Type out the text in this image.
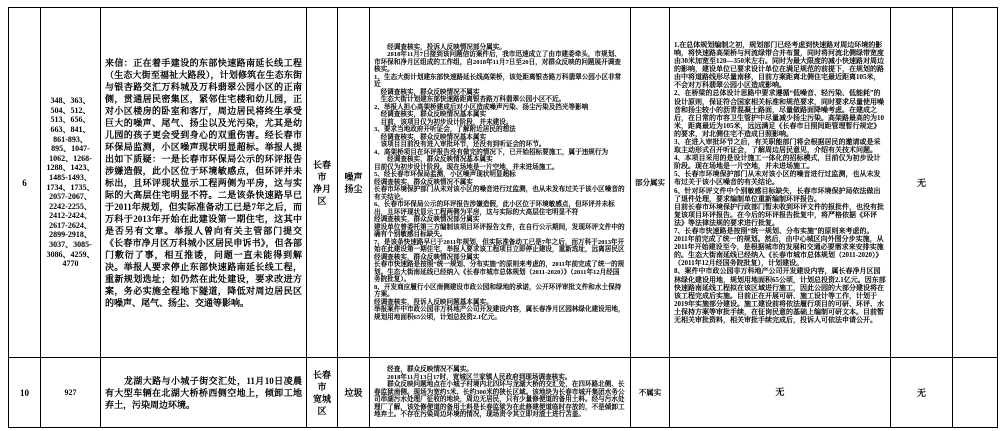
6	348、363、504、512、513、656、663、841、861-893、895、1047-1062、1268-1288、1423、1485-1493、1734、1735、2057-2067、2242-2255、2412-2424、2617-2624、2899-2918、3037、3085-3086、4259、4770	来信：正在着手建设的东部快速路南延长线工程（生态大街至福祉大路段），计划修筑在生态东街与银杏路交汇万科城及万科翡翠公园小区的正南侧，贯通居民密集区，紧邻住宅楼和幼儿园，正对小区楼房的卧室和客厅，周边居民将终生承受巨大的噪声、尾气、扬尘以及光污染，尤其是幼儿园的孩子更会受到身心的双重伤害。经长春市环保局监测，小区噪声现状明显超标。举报人提出如下质疑：一是长春市环保局公示的环评报告涉嫌造假，此小区位于环境敏感点，但环评并未标出，且环评现状显示工程两侧为平房，这与实际的大高层住宅明显不符。二是该条快速路早已于2011年规划，但实际准备动工已是7年之后，而万科于2013年开始在此建设第一期住宅，这其中是否另有文章。举报人曾向有关主管部门提交《长春市净月区万科城小区居民申诉书》，但各部门敷衍了事，相互推诿，问题一直未能得到解决。举报人要求停止东部快速路南延长线工程，重新规划选址；如仍然在此处建设，要求改进方案，务必实施全程地下隧道，降低对周边居民区的噪声、尾气、扬尘、交通等影响。	长春市
净月区	噪声
扬尘	　　经调查核实，投诉人反映情况部分属实。
　　2018年11月7日接到该问题信访案件后，我市迅速成立了由市建委牵头，市规划、市环保和净月区组成的工作组，自2018年11月7日至20日，对群众反映的问题展开调查核实。
1、生态大街计划建东部快速路延长线高架桥，该处距离银杏路万科翡翠公园小区非常近
　经调查核实，群众反映情况不属实
　生态大街计划建东部快速路距离银杏路万科翡翠公园小区不近。
2、举报人担心高架桥建成后对小区造成噪声污染、扬尘污染及挡光等影响
　经调查核实，群众反映情况基本属实
　目前，该项目仅为初步设计阶段，并未建设。
3、要求当地政府开听证会，了解附近居民的想法
　经调查核实，群众反映情况基本属实
　该项目目前没有进入审批环节，还没有到听证会的环节。
4、高架桥项目在环评报告没有做完的情况下，已开始招标要施工，属于违规行为
　　经调查核实，群众反映情况基本属实
目前仅为初步设计阶段。现在场地是一片空地，并未进场施工。
5、经长春市环保局监测，小区噪声现状明显超标
经调查核实，群众反映情况不属实
长春市环境保护部门从未对该小区的噪音进行过监测，也从未发布过关于该小区噪音的有关结论。
6、长春市环保局公示的环评报告涉嫌造假，此小区位于环境敏感点，但环评并未标出，且环评现状显示工程两侧为平房，这与实际的大高层住宅明显不符
经调查核实，群众反映情况部分属实
建设单位曾委托第三方编制该项目环评报告文件，在自行公示期间，发现环评文件中的确有个别敏感目标缺失。
7、是该条快速路早已于2011年规划，但实际准备动工已是7年之后，而万科于2013年开始在此建设第一期住宅，举报人要求该工程项目立即停止建设，重新选址，远离居民区
经调查核实，群众反映情况部分属实
长春市快速路是按照“统一规划、分布实施”的原则来考虑的，2011年前完成了统一的规划。生态大街南延线已经纳入《长春市城市总体规划（2011-2020）》（2011年12月经国务院批复）。
8、开发商应履行小区南侧建设市政公园和绿地的承诺，公开环评审批文件和水土保持方案。
经调查核实，投诉人反映问题基本属实。
举报案件中市政公园非万科地产公司开发建设内容，属长春净月区园林绿化建设用地，规划用地面积65公顷，计划总投资2.1亿元。	部分属实	1.在总体规划编制之初，规划部门已经考虑到快速路对周边环境的影响，将快速路高架桥与河流绿带合并布置，同时将河流北侧绿带宽度由30米加宽至120—350米左右。同时为最大限度的减小快速路对周边的影响，建设单位已要求设计单位在满足规范的前提下，在规划的路由中将道路线形尽量南移，目前方案距离北侧住宅最近距离105米，不会对万科翡翠公园小区造成影响。
2、在桥梁的总体设计思路中要求遵循“低噪音、轻污染、低能耗”的设计原则，保证符合国家相关标准和规范要求，同时要求尽量使用噪音和扬尘较小的沥青混凝土路面，尽量做路面降噪考虑。在建成之后，在日常的市容卫生管护中尽量减少扬尘污染。高架路最高的为10米，距离最近为105米，远远满足《长春市日照间距管理暂行规定》的要求，对北侧住宅不造成日照影响。
3、在进入审批环节之后，有关职能部门将会根据居民的邀请或是采取主动形式召开听证会，了解周边居民意见，介绍有关技术问题。
4、本项目采用的是设计施工一体化的招标模式，目前仅为初步设计阶段。现在场地是一片空地，并未进场施工。
5、长春市环境保护部门从未对该小区的噪音进行过监测，也从未发布过关于该小区噪音的有关结论。
6、针对环评文件中个别敏感目标缺失，长春市环境保护局依法做出了退件处理，要求编制单位重新编制环评报告。
目前长春市环境保护行政部门暂未收到环评文件的报批件，也没有批复该项目环评报告。在今后的环评报告批复中，将严格依据《环评法》等法律法规的要求进行批复。
7、长春市快速路是按照“统一规划、分布实施”的原则来考虑的。2011年前完成了统一的规划。然后，由中心城区向外围分步实施，从2011年开始建设至今，是根据城市的发展和交通必要需求来安排实施的。生态大街南延线已经纳入《长春市城市总体规划（2011-2020）》（2011年12月经国务院批复），计划建设。
8、案件中市政公园非万科地产公司开发建设内容，属长春净月区园林绿化建设用地，规划用地面积65公顷，计划总投资2.1亿元。因东部快速路南延线工程拟在该区域进行施工，因此公园的大部分建设将在该工程完成后实施。目前正在开展可研、施工设计等工作，计划于2019年实施部分建设。施工建设前将依法履行项目的可研、环评、水土保持方案等审批手续，在征询民意的基础上编制可研文本。目前暂无相关审批资料，相关审批手续完成后，投诉人可依法申请公开。	无	
10	927	　　龙湖大路与小城子街交汇处，11月10日凌晨有大型车辆在北湖大桥桥西侧空地上，倾卸工地弃土，污染周边环境。	长春市
宽城区	垃圾	　　经查，群众反映情况不属实。
　　2018年11月13日17时，宽城区兰家镇人民政府到现场调查核实。
　　群众反映问题地点在小城子村境内北四环与龙湖大桥的交汇处，在四环路北侧、长春监狱南侧。现场为宽约5米、长约300米的狭长区域。该地块为长春市城开集团水务公司串湖污水处理厂征收的地块，周边无居民，只有少量修便道的备用土料。经与污水处理厂了解，该处修便道的备用土料是长春监狱为在此修建便道临时存放的，不是倾卸工地弃土。不存在污染周边环境的情况，现场责令其立即对渣土进行苫盖。	不属实	无	无	
